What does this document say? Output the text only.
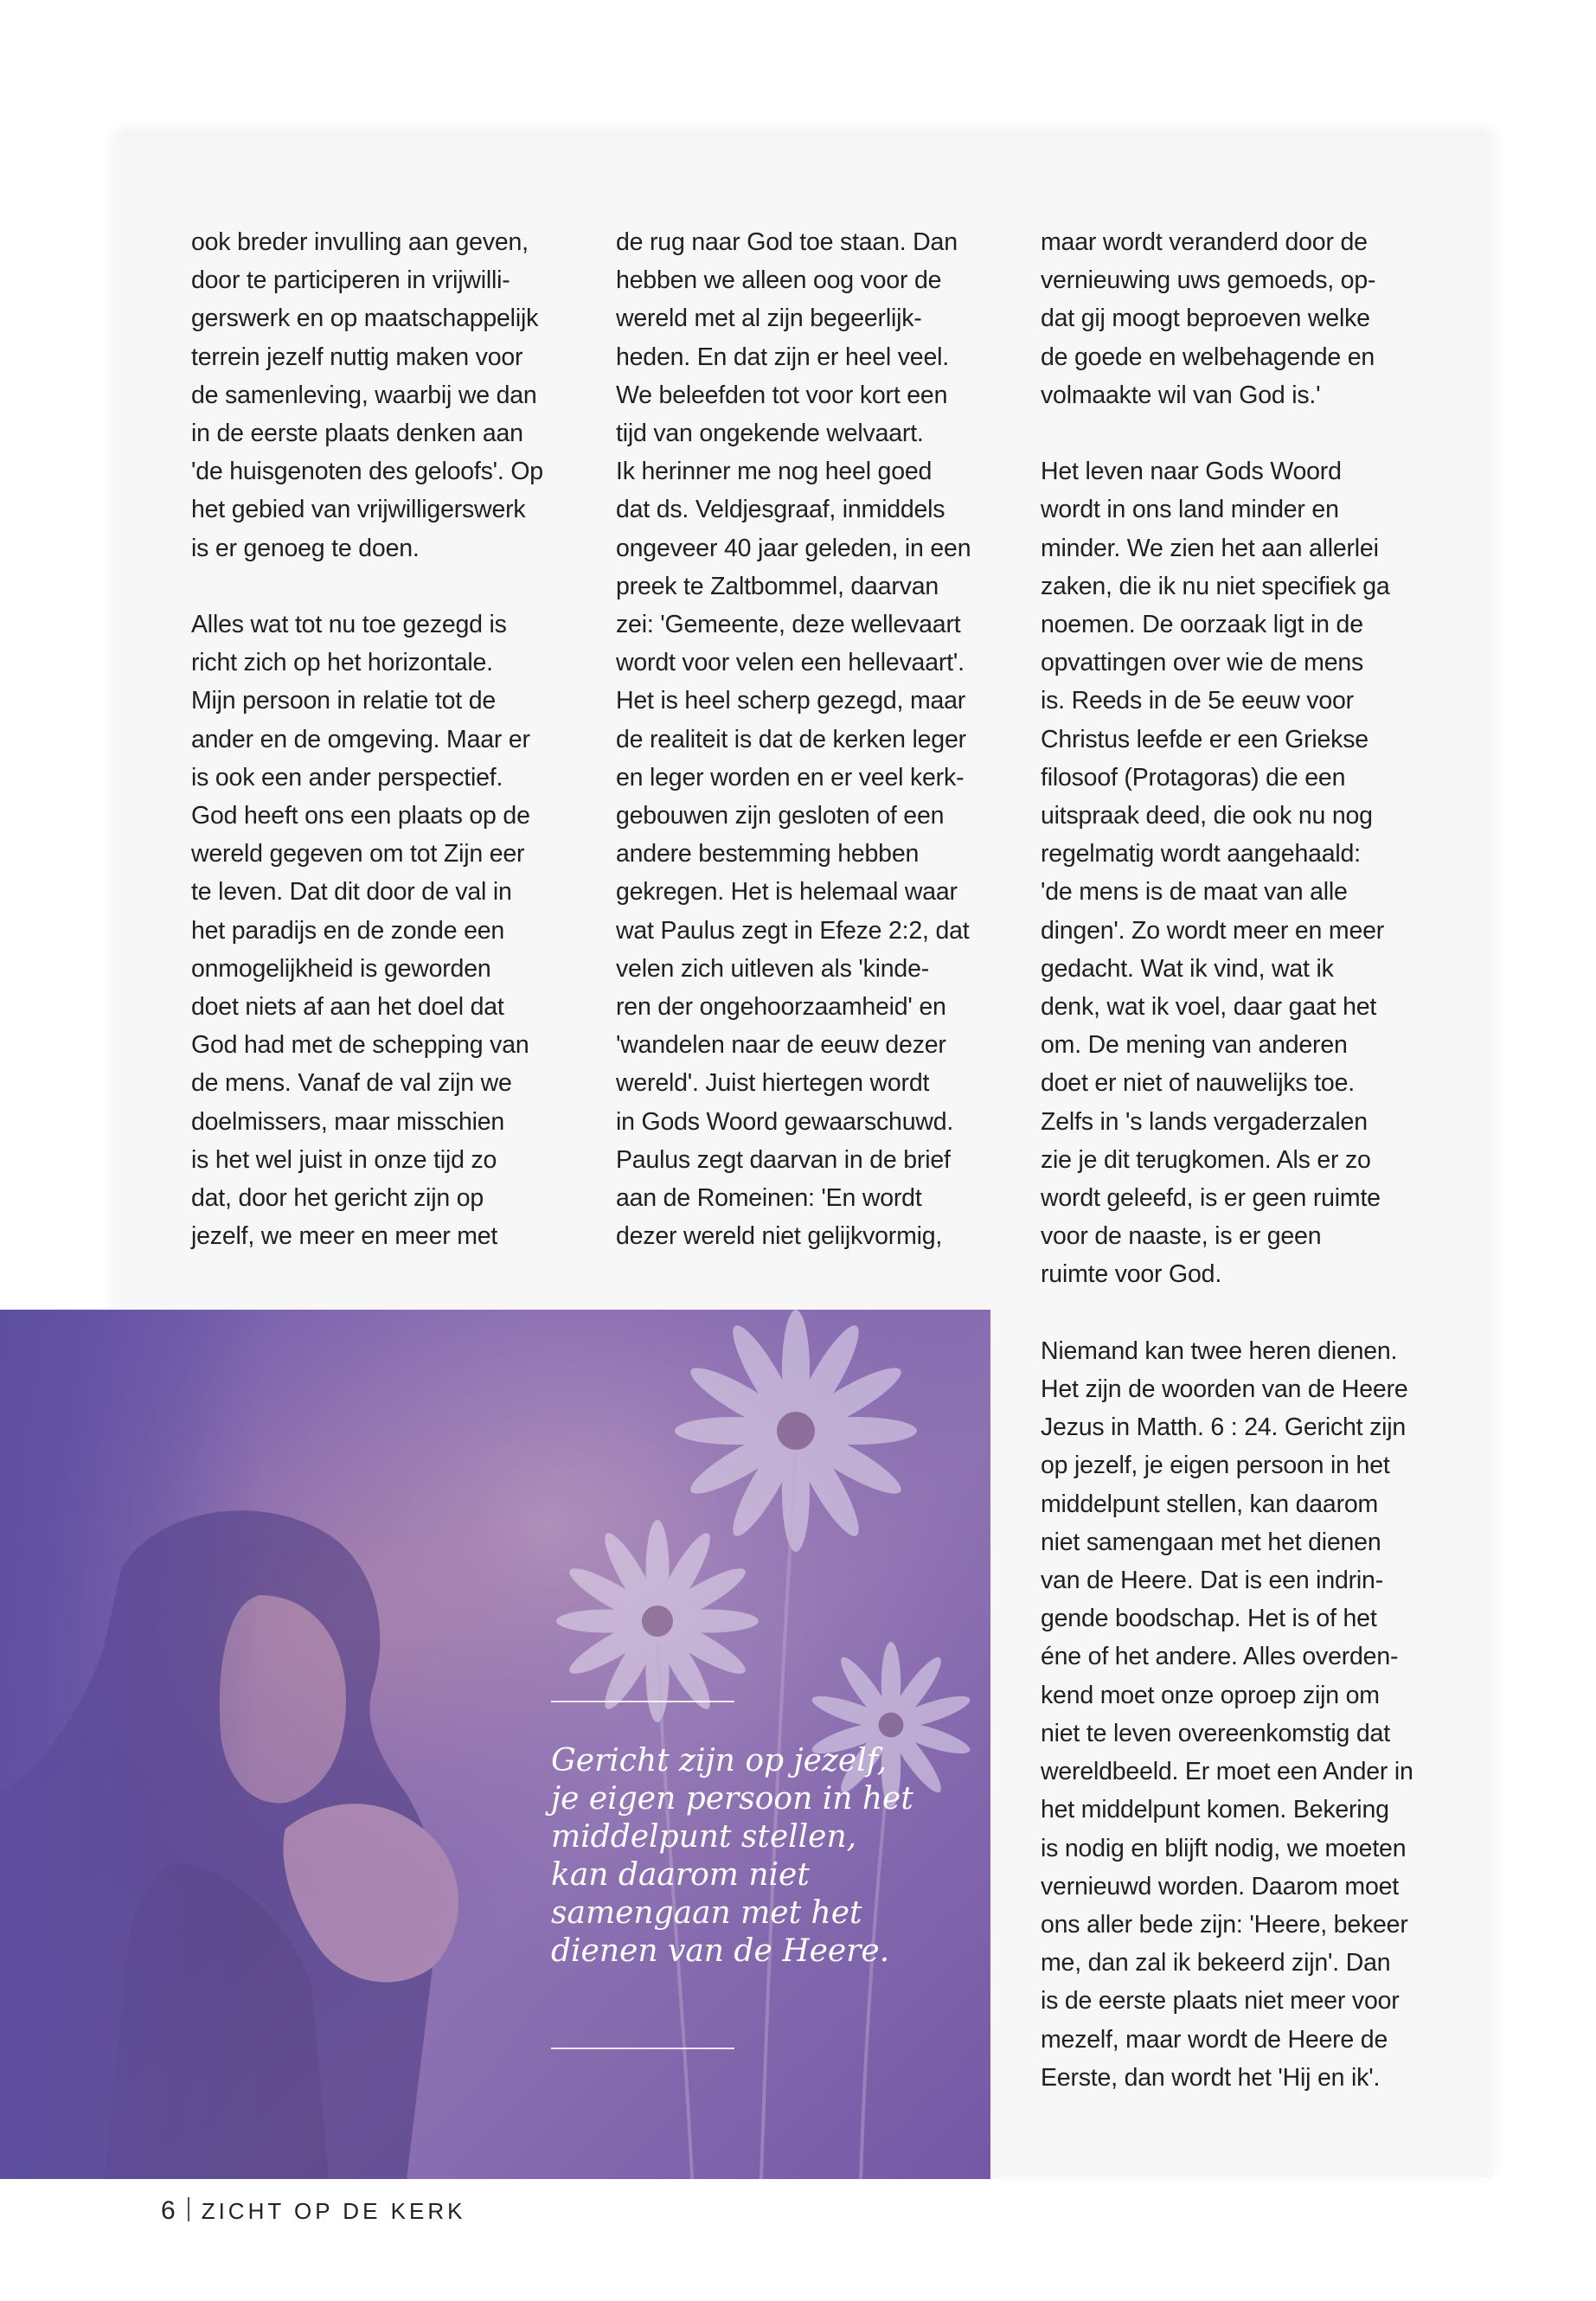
ook breder invulling aan geven,

door te participeren in vrijwilli-

gerswerk en op maatschappelijk

terrein jezelf nuttig maken voor

de samenleving, waarbij we dan

in de eerste plaats denken aan

'de huisgenoten des geloofs'. Op

het gebied van vrijwilligerswerk

is er genoeg te doen.

Alles wat tot nu toe gezegd is

richt zich op het horizontale.

Mijn persoon in relatie tot de

ander en de omgeving. Maar er

is ook een ander perspectief.

God heeft ons een plaats op de

wereld gegeven om tot Zijn eer

te leven. Dat dit door de val in

het paradijs en de zonde een

onmogelijkheid is geworden

doet niets af aan het doel dat

God had met de schepping van

de mens. Vanaf de val zijn we

doelmissers, maar misschien

is het wel juist in onze tijd zo

dat, door het gericht zijn op

jezelf, we meer en meer met

de rug naar God toe staan. Dan

hebben we alleen oog voor de

wereld met al zijn begeerlijk-

heden. En dat zijn er heel veel.

We beleefden tot voor kort een

tijd van ongekende welvaart.

Ik herinner me nog heel goed

dat ds. Veldjesgraaf, inmiddels

ongeveer 40 jaar geleden, in een

preek te Zaltbommel, daarvan

zei: 'Gemeente, deze wellevaart

wordt voor velen een hellevaart'.

Het is heel scherp gezegd, maar

de realiteit is dat de kerken leger

en leger worden en er veel kerk-

gebouwen zijn gesloten of een

andere bestemming hebben

gekregen. Het is helemaal waar

wat Paulus zegt in Efeze 2:2, dat

velen zich uitleven als 'kinde-

ren der ongehoorzaamheid' en

'wandelen naar de eeuw dezer

wereld'. Juist hiertegen wordt

in Gods Woord gewaarschuwd.

Paulus zegt daarvan in de brief

aan de Romeinen: 'En wordt

dezer wereld niet gelijkvormig,

maar wordt veranderd door de

vernieuwing uws gemoeds, op-

dat gij moogt beproeven welke

de goede en welbehagende en

volmaakte wil van God is.'

Het leven naar Gods Woord

wordt in ons land minder en

minder. We zien het aan allerlei

zaken, die ik nu niet specifiek ga

noemen. De oorzaak ligt in de

opvattingen over wie de mens

is. Reeds in de 5e eeuw voor

Christus leefde er een Griekse

filosoof (Protagoras) die een

uitspraak deed, die ook nu nog

regelmatig wordt aangehaald:

'de mens is de maat van alle

dingen'. Zo wordt meer en meer

gedacht. Wat ik vind, wat ik

denk, wat ik voel, daar gaat het

om. De mening van anderen

doet er niet of nauwelijks toe.

Zelfs in 's lands vergaderzalen

zie je dit terugkomen. Als er zo

wordt geleefd, is er geen ruimte

voor de naaste, is er geen

ruimte voor God.

Niemand kan twee heren dienen.

Het zijn de woorden van de Heere

Jezus in Matth. 6 : 24. Gericht zijn

op jezelf, je eigen persoon in het

middelpunt stellen, kan daarom

niet samengaan met het dienen

van de Heere. Dat is een indrin-

gende boodschap. Het is of het

éne of het andere. Alles overden-

kend moet onze oproep zijn om

niet te leven overeenkomstig dat

wereldbeeld. Er moet een Ander in

het middelpunt komen. Bekering

is nodig en blijft nodig, we moeten

vernieuwd worden. Daarom moet

ons aller bede zijn: 'Heere, bekeer

me, dan zal ik bekeerd zijn'. Dan

is de eerste plaats niet meer voor

mezelf, maar wordt de Heere de

Eerste, dan wordt het 'Hij en ik'.

Gericht zijn op jezelf,

je eigen persoon in het

middelpunt stellen,

kan daarom niet

samengaan met het

dienen van de Heere.

6 ZICHT OP DE KERK
